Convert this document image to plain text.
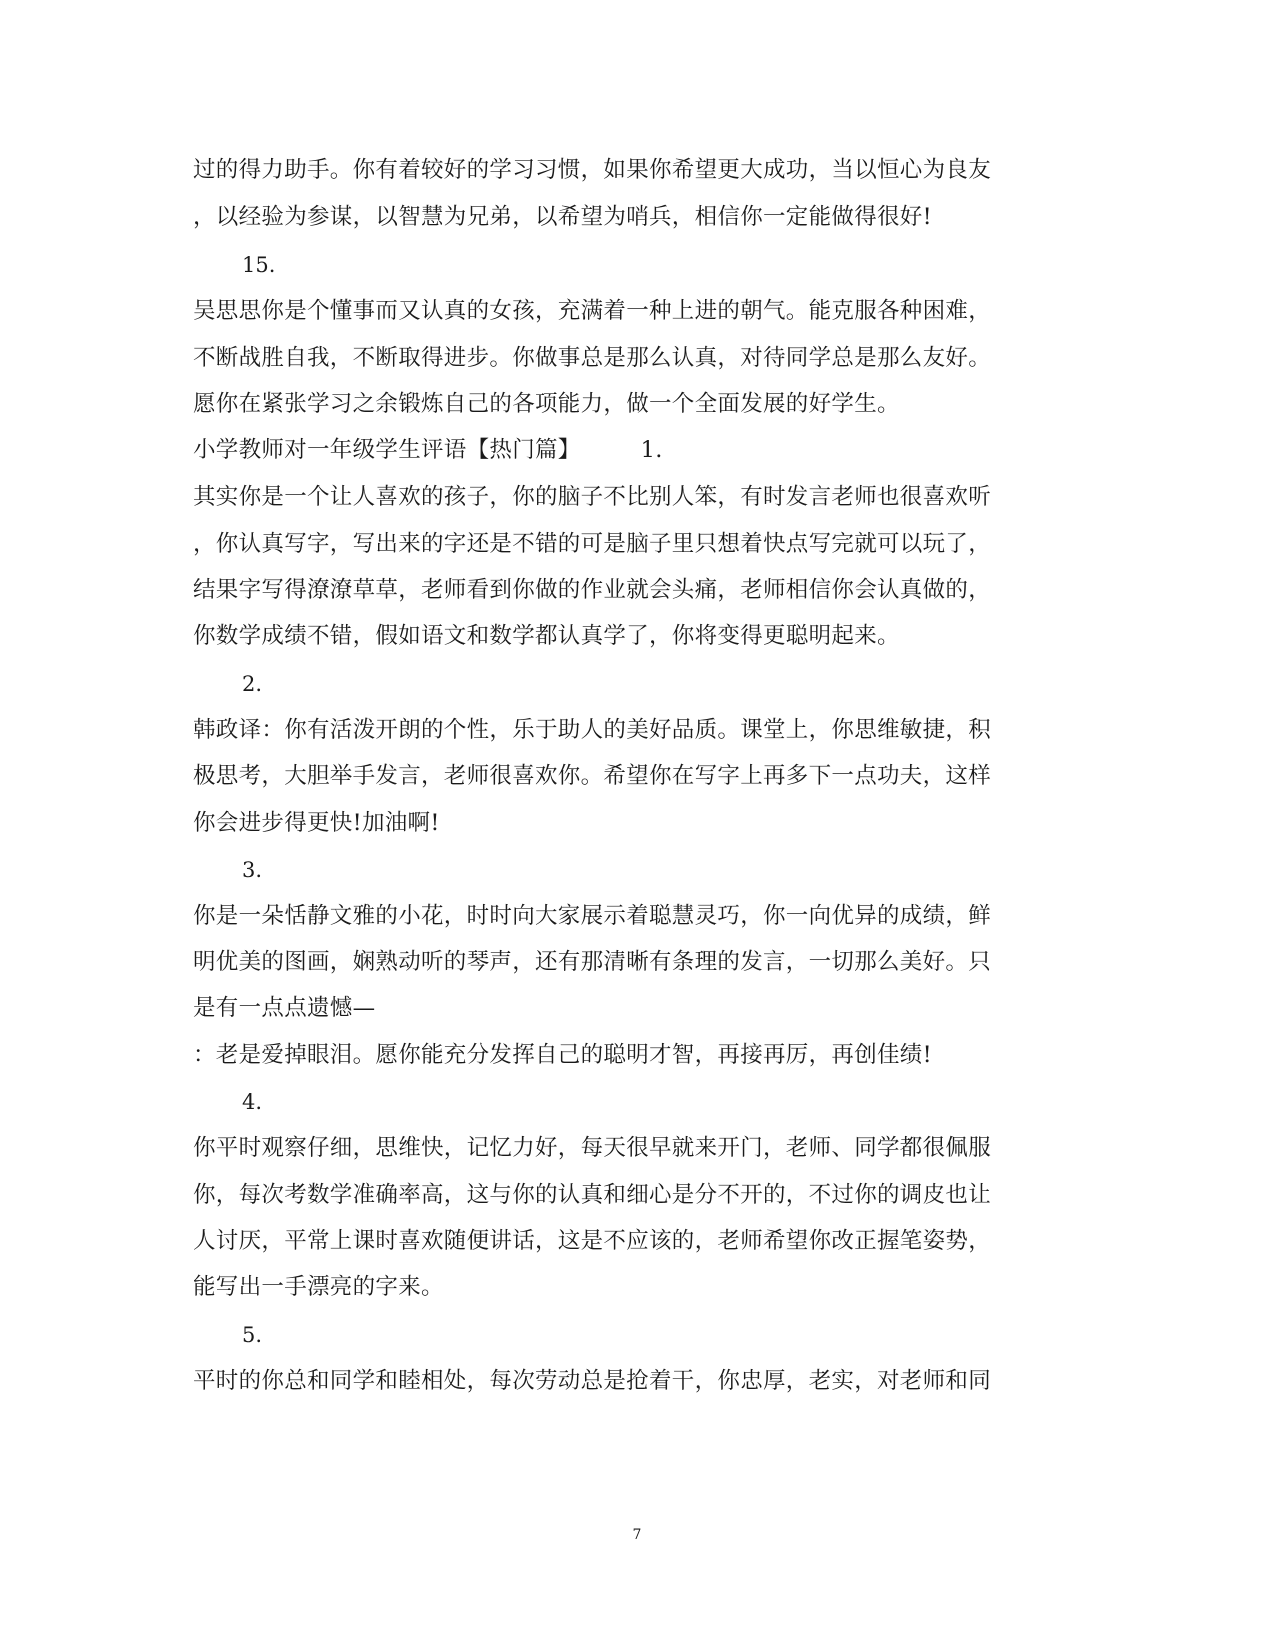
过的得力助手。你有着较好的学习习惯，如果你希望更大成功，当以恒心为良友
，以经验为参谋，以智慧为兄弟，以希望为哨兵，相信你一定能做得很好!
15.
吴思思你是个懂事而又认真的女孩，充满着一种上进的朝气。能克服各种困难，
不断战胜自我，不断取得进步。你做事总是那么认真，对待同学总是那么友好。
愿你在紧张学习之余锻炼自己的各项能力，做一个全面发展的好学生。
小学教师对一年级学生评语【热门篇】	1.
其实你是一个让人喜欢的孩子，你的脑子不比别人笨，有时发言老师也很喜欢听
，你认真写字，写出来的字还是不错的可是脑子里只想着快点写完就可以玩了，
结果字写得潦潦草草，老师看到你做的作业就会头痛，老师相信你会认真做的，
你数学成绩不错，假如语文和数学都认真学了，你将变得更聪明起来。
2.
韩政译：你有活泼开朗的个性，乐于助人的美好品质。课堂上，你思维敏捷，积
极思考，大胆举手发言，老师很喜欢你。希望你在写字上再多下一点功夫，这样
你会进步得更快!加油啊!
3.
你是一朵恬静文雅的小花，时时向大家展示着聪慧灵巧，你一向优异的成绩，鲜
明优美的图画，娴熟动听的琴声，还有那清晰有条理的发言，一切那么美好。只
是有一点点遗憾—
：老是爱掉眼泪。愿你能充分发挥自己的聪明才智，再接再厉，再创佳绩!
4.
你平时观察仔细，思维快，记忆力好，每天很早就来开门，老师、同学都很佩服
你，每次考数学准确率高，这与你的认真和细心是分不开的，不过你的调皮也让
人讨厌，平常上课时喜欢随便讲话，这是不应该的，老师希望你改正握笔姿势，
能写出一手漂亮的字来。
5.
平时的你总和同学和睦相处，每次劳动总是抢着干，你忠厚，老实，对老师和同
7
